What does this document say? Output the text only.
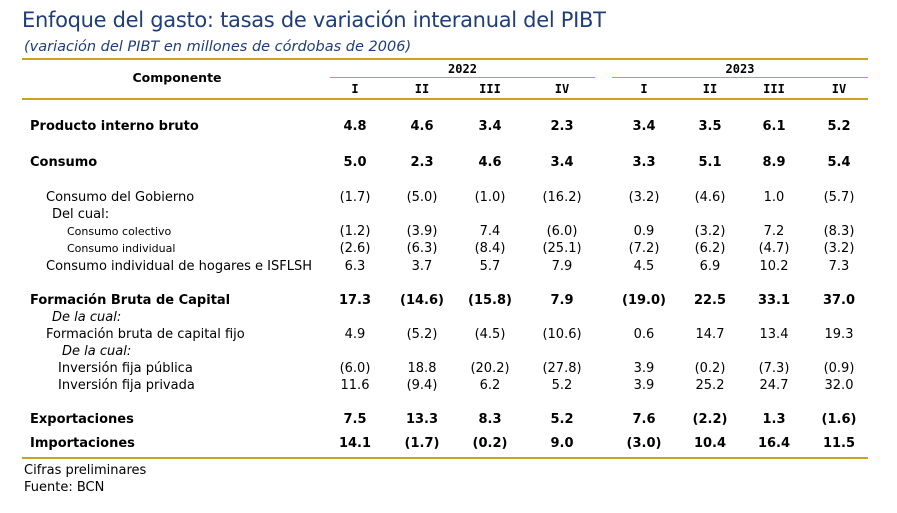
Enfoque del gasto: tasas de variación interanual del PIBT
(variación del PIBT en millones de córdobas de 2006)
Componente
2022	2023
I	II	III	IV	I	II	III	IV
Producto interno bruto	4.8	4.6	3.4	2.3	3.4	3.5	6.1	5.2
Consumo	5.0	2.3	4.6	3.4	3.3	5.1	8.9	5.4
Consumo del Gobierno	(1.7)	(5.0)	(1.0)	(16.2)	(3.2)	(4.6)	1.0	(5.7)
Del cual:
Consumo colectivo	(1.2)	(3.9)	7.4	(6.0)	0.9	(3.2)	7.2	(8.3)
Consumo individual	(2.6)	(6.3)	(8.4)	(25.1)	(7.2)	(6.2)	(4.7)	(3.2)
Consumo individual de hogares e ISFLSH	6.3	3.7	5.7	7.9	4.5	6.9	10.2	7.3
Formación Bruta de Capital	17.3	(14.6)	(15.8)	7.9	(19.0)	22.5	33.1	37.0
De la cual:
Formación bruta de capital fijo	4.9	(5.2)	(4.5)	(10.6)	0.6	14.7	13.4	19.3
De la cual:
Inversión fija pública	(6.0)	18.8	(20.2)	(27.8)	3.9	(0.2)	(7.3)	(0.9)
Inversión fija privada	11.6	(9.4)	6.2	5.2	3.9	25.2	24.7	32.0
Exportaciones	7.5	13.3	8.3	5.2	7.6	(2.2)	1.3	(1.6)
Importaciones	14.1	(1.7)	(0.2)	9.0	(3.0)	10.4	16.4	11.5
Cifras preliminares
Fuente: BCN
